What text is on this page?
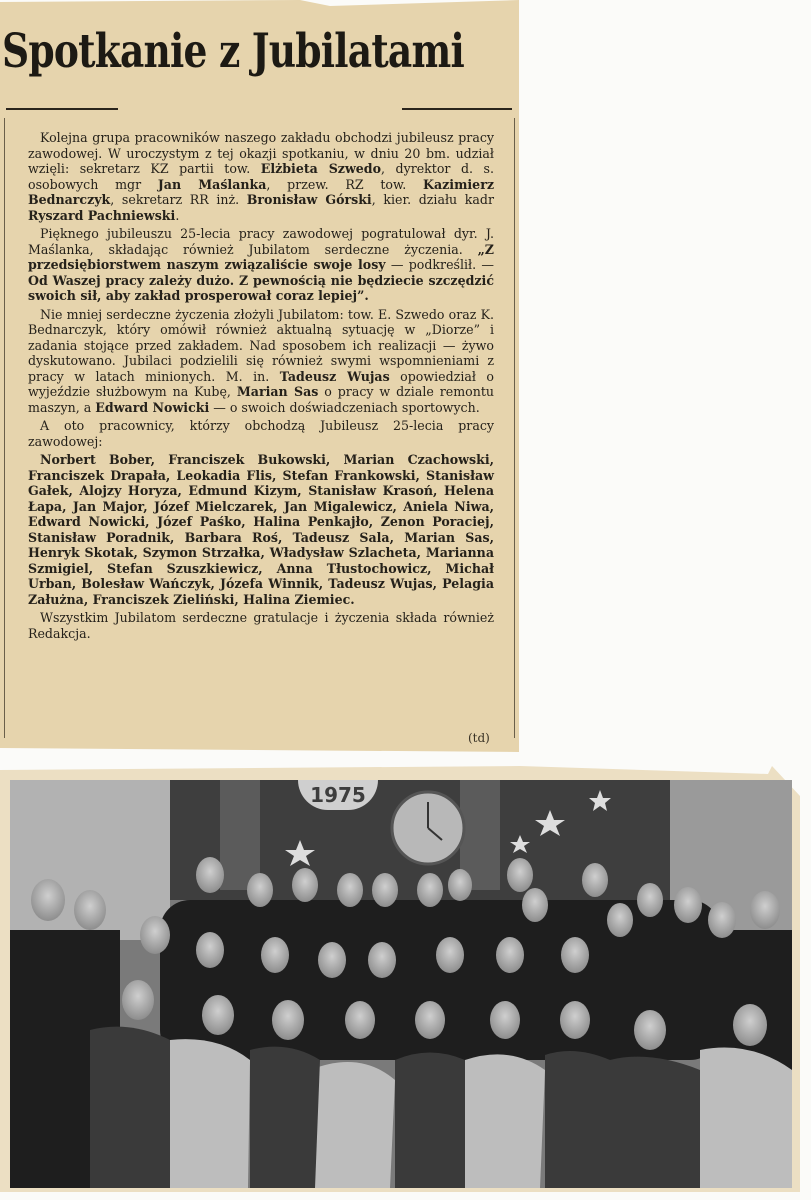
Spotkanie z Jubilatami

Kolejna grupa pracowników naszego zakładu obchodzi jubileusz pracy zawodowej. W uroczystym z tej okazji spotkaniu, w dniu 20 bm. udział wzięli: sekretarz KZ partii tow. Elżbieta Szwedo, dyrektor d. s. osobowych mgr Jan Maślanka, przew. RZ tow. Kazimierz Bednarczyk, sekretarz RR inż. Bronisław Górski, kier. działu kadr Ryszard Pachniewski.

Pięknego jubileuszu 25-lecia pracy zawodowej pogratulował dyr. J. Maślanka, składając również Jubilatom serdeczne życzenia. „Z przedsiębiorstwem naszym związaliście swoje losy — podkreślił. — Od Waszej pracy zależy dużo. Z pewnością nie będziecie szczędzić swoich sił, aby zakład prosperował coraz lepiej”.

Nie mniej serdeczne życzenia złożyli Jubilatom: tow. E. Szwedo oraz K. Bednarczyk, który omówił również aktualną sytuację w „Diorze” i zadania stojące przed zakładem. Nad sposobem ich realizacji — żywo dyskutowano. Jubilaci podzielili się również swymi wspomnieniami z pracy w latach minionych. M. in. Tadeusz Wujas opowiedział o wyjeździe służbowym na Kubę, Marian Sas o pracy w dziale remontu maszyn, a Edward Nowicki — o swoich doświadczeniach sportowych.

A oto pracownicy, którzy obchodzą Jubileusz 25-lecia pracy zawodowej:

Norbert Bober, Franciszek Bukowski, Marian Czachowski, Franciszek Drapała, Leokadia Flis, Stefan Frankowski, Stanisław Gałek, Alojzy Horyza, Edmund Kizym, Stanisław Krasoń, Helena Łapa, Jan Major, Józef Mielczarek, Jan Migalewicz, Aniela Niwa, Edward Nowicki, Józef Paśko, Halina Penkajło, Zenon Poraciej, Stanisław Poradnik, Barbara Roś, Tadeusz Sala, Marian Sas, Henryk Skotak, Szymon Strzałka, Władysław Szlacheta, Marianna Szmigiel, Stefan Szuszkiewicz, Anna Tłustochowicz, Michał Urban, Bolesław Wańczyk, Józefa Winnik, Tadeusz Wujas, Pelagia Załużna, Franciszek Zieliński, Halina Ziemiec.

Wszystkim Jubilatom serdeczne gratulacje i życzenia składa również Redakcja.

(td)
1975
